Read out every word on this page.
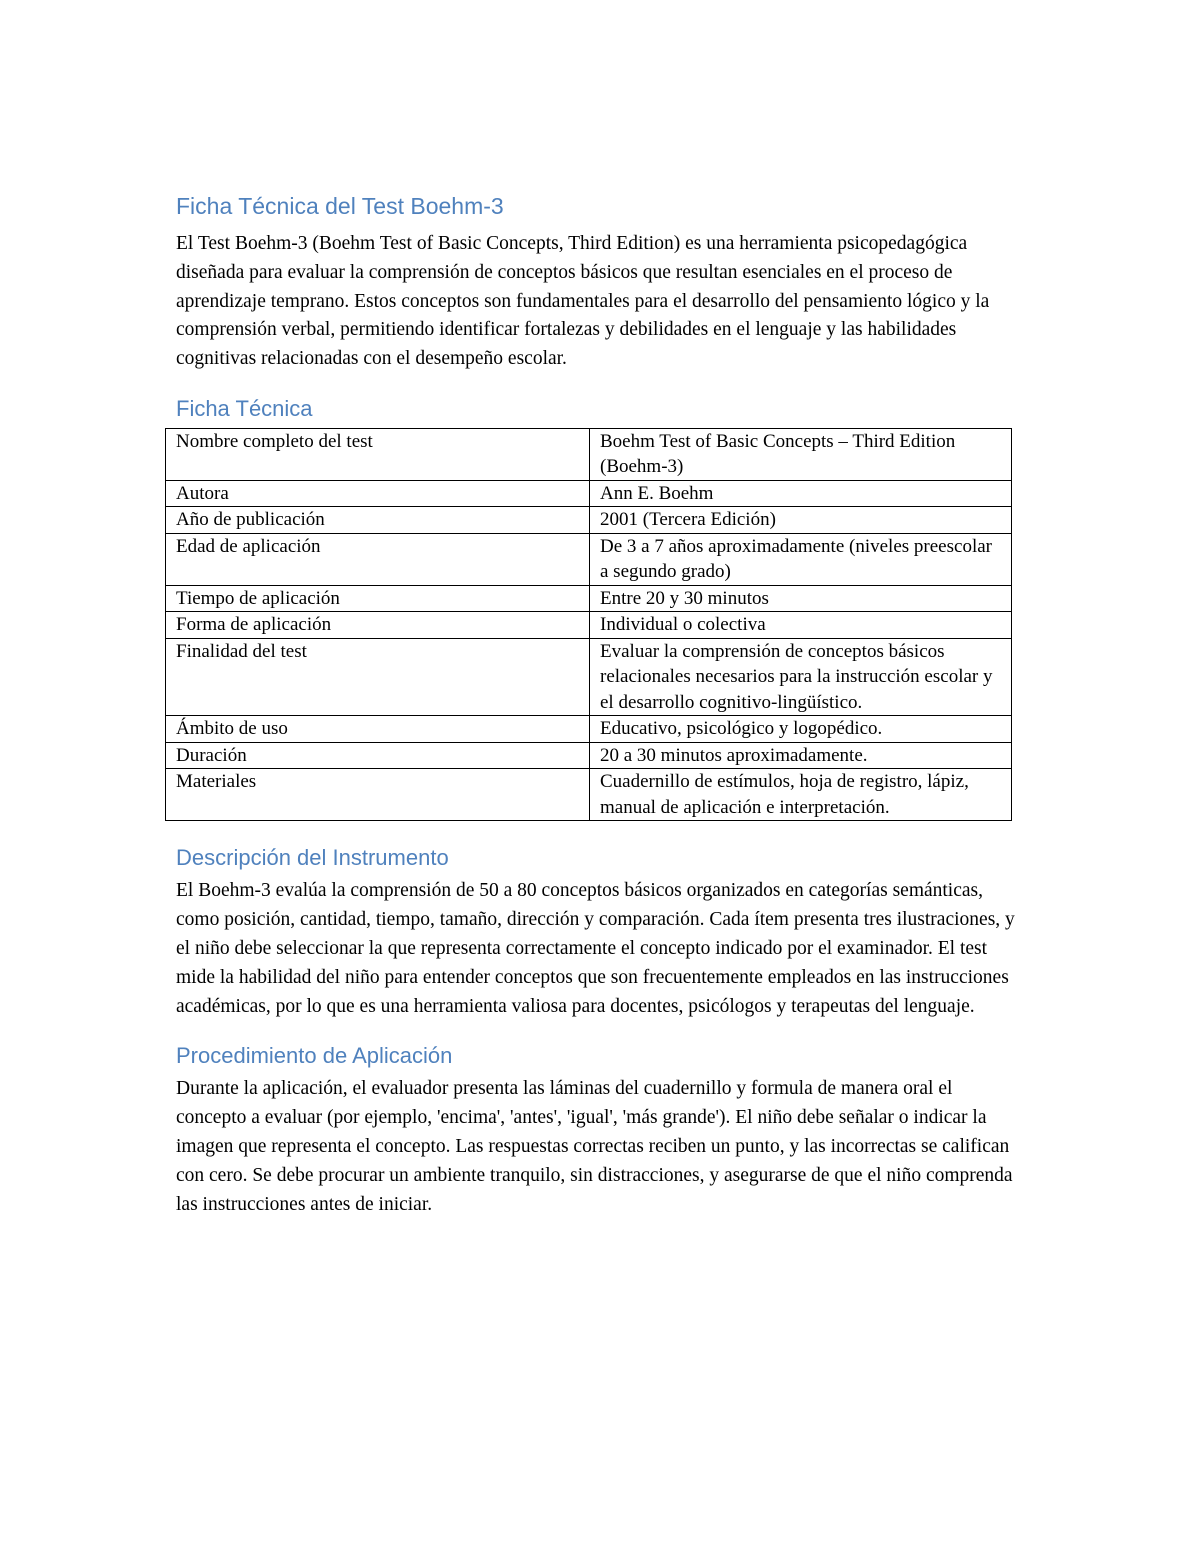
Ficha Técnica del Test Boehm-3

El Test Boehm-3 (Boehm Test of Basic Concepts, Third Edition) es una herramienta psicopedagógica diseñada para evaluar la comprensión de conceptos básicos que resultan esenciales en el proceso de aprendizaje temprano. Estos conceptos son fundamentales para el desarrollo del pensamiento lógico y la comprensión verbal, permitiendo identificar fortalezas y debilidades en el lenguaje y las habilidades cognitivas relacionadas con el desempeño escolar.

Ficha Técnica
Nombre completo del test	Boehm Test of Basic Concepts – Third Edition (Boehm-3)
Autora	Ann E. Boehm
Año de publicación	2001 (Tercera Edición)
Edad de aplicación	De 3 a 7 años aproximadamente (niveles preescolar a segundo grado)
Tiempo de aplicación	Entre 20 y 30 minutos
Forma de aplicación	Individual o colectiva
Finalidad del test	Evaluar la comprensión de conceptos básicos relacionales necesarios para la instrucción escolar y el desarrollo cognitivo-lingüístico.
Ámbito de uso	Educativo, psicológico y logopédico.
Duración	20 a 30 minutos aproximadamente.
Materiales	Cuadernillo de estímulos, hoja de registro, lápiz, manual de aplicación e interpretación.
Descripción del Instrumento

El Boehm-3 evalúa la comprensión de 50 a 80 conceptos básicos organizados en categorías semánticas, como posición, cantidad, tiempo, tamaño, dirección y comparación. Cada ítem presenta tres ilustraciones, y el niño debe seleccionar la que representa correctamente el concepto indicado por el examinador. El test mide la habilidad del niño para entender conceptos que son frecuentemente empleados en las instrucciones académicas, por lo que es una herramienta valiosa para docentes, psicólogos y terapeutas del lenguaje.

Procedimiento de Aplicación

Durante la aplicación, el evaluador presenta las láminas del cuadernillo y formula de manera oral el concepto a evaluar (por ejemplo, 'encima', 'antes', 'igual', 'más grande'). El niño debe señalar o indicar la imagen que representa el concepto. Las respuestas correctas reciben un punto, y las incorrectas se califican con cero. Se debe procurar un ambiente tranquilo, sin distracciones, y asegurarse de que el niño comprenda las instrucciones antes de iniciar.
